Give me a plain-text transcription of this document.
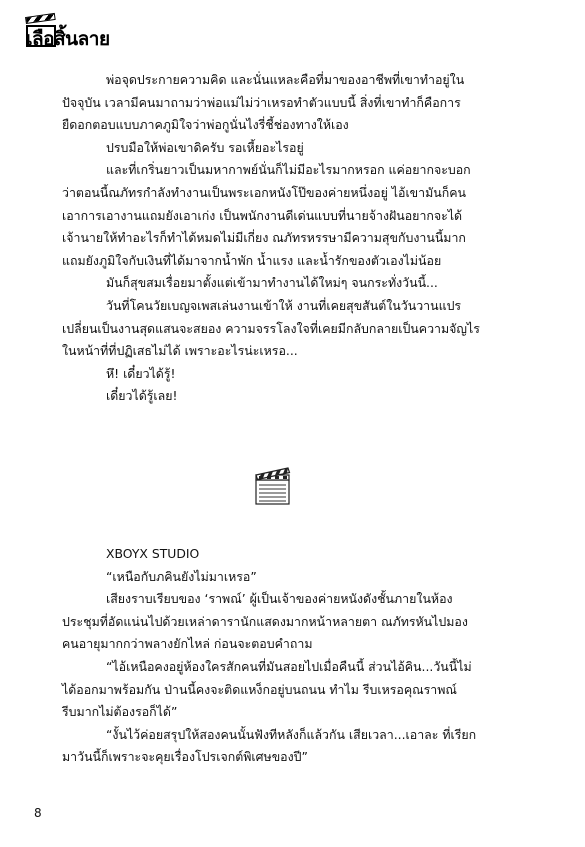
เลือสิ้นลาย

พ่อจุดประกายความคิด และนั่นแหละคือที่มาของอาชีพที่เขาทำอยู่ใน

ปัจจุบัน เวลามีคนมาถามว่าพ่อแม่ไม่ว่าเหรอทำตัวแบบนี้ สิ่งที่เขาทำก็คือการ

ยืดอกตอบแบบภาคภูมิใจว่าพ่อกูนั่นไงรี่ชี้ช่องทางให้เอง

ปรบมือให้พ่อเขาดิครับ รอเหี้ยอะไรอยู่

และที่เกริ่นยาวเป็นมหากาพย์นั่นก็ไม่มีอะไรมากหรอก แค่อยากจะบอก

ว่าตอนนี้ณภัทรกำลังทำงานเป็นพระเอกหนังโป๊ของค่ายหนึ่งอยู่ ไอ้เขามันก็คน

เอาการเอางานแถมยังเอาเก่ง เป็นพนักงานดีเด่นแบบที่นายจ้างฝันอยากจะได้

เจ้านายให้ทำอะไรก็ทำได้หมดไม่มีเกี่ยง ณภัทรหรรษามีความสุขกับงานนี้มาก

แถมยังภูมิใจกับเงินที่ได้มาจากน้ำพัก น้ำแรง และน้ำรักของตัวเองไม่น้อย

มันก็สุขสมเรื่อยมาตั้งแต่เข้ามาทำงานได้ใหม่ๆ จนกระทั่งวันนี้...

วันที่โคนวัยเบญจเพสเล่นงานเข้าให้ งานที่เคยสุขสันต์ในวันวานแปร

เปลี่ยนเป็นงานสุดแสนจะสยอง ความจรรโลงใจที่เคยมีกลับกลายเป็นความจัญไร

ในหน้าที่ที่ปฏิเสธไม่ได้ เพราะอะไรน่ะเหรอ...

หึ! เดี๋ยวได้รู้!

เดี๋ยวได้รู้เลย!

XBOYX STUDIO

“เหนือกับภคินยังไม่มาเหรอ”

เสียงราบเรียบของ ‘ราพณ์’ ผู้เป็นเจ้าของค่ายหนังดังชั้นภายในห้อง

ประชุมที่อัดแน่นไปด้วยเหล่าดารานักแสดงมากหน้าหลายตา ณภัทรหันไปมอง

คนอายุมากกว่าพลางยักไหล่ ก่อนจะตอบคำถาม

“ไอ้เหนือคงอยู่ห้องใครสักคนที่มันสอยไปเมื่อคืนนี้ ส่วนไอ้คิน...วันนี้ไม่

ได้ออกมาพร้อมกัน ป่านนี้คงจะติดแหง็กอยู่บนถนน ทำไม รีบเหรอคุณราพณ์

รีบมากไม่ต้องรอก็ได้”

“งั้นไว้ค่อยสรุปให้สองคนนั้นฟังทีหลังก็แล้วกัน เสียเวลา...เอาละ ที่เรียก

มาวันนี้ก็เพราะจะคุยเรื่องโปรเจกต์พิเศษของปี”

8
